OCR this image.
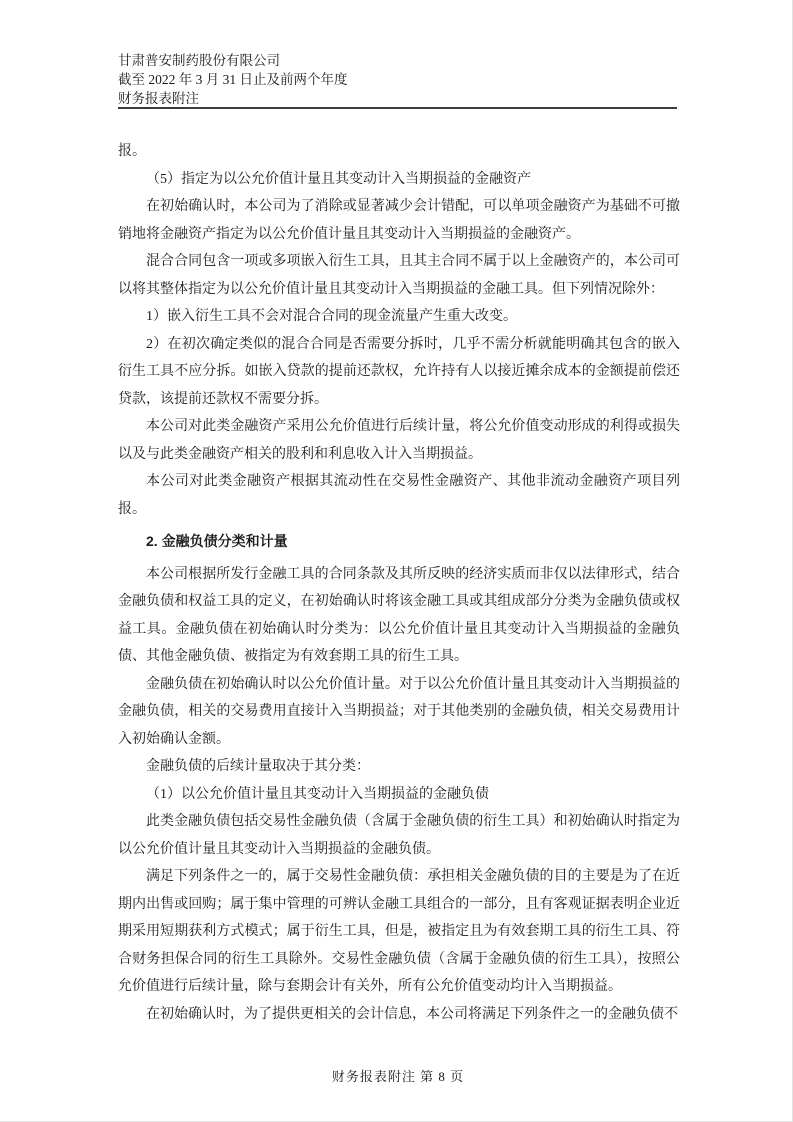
甘肃普安制药股份有限公司
截至 2022 年 3 月 31 日止及前两个年度
财务报表附注

报。

（5）指定为以公允价值计量且其变动计入当期损益的金融资产

在初始确认时，本公司为了消除或显著减少会计错配，可以单项金融资产为基础不可撤销地将金融资产指定为以公允价值计量且其变动计入当期损益的金融资产。

混合合同包含一项或多项嵌入衍生工具，且其主合同不属于以上金融资产的，本公司可以将其整体指定为以公允价值计量且其变动计入当期损益的金融工具。但下列情况除外：

1）嵌入衍生工具不会对混合合同的现金流量产生重大改变。

2）在初次确定类似的混合合同是否需要分拆时，几乎不需分析就能明确其包含的嵌入衍生工具不应分拆。如嵌入贷款的提前还款权，允许持有人以接近摊余成本的金额提前偿还贷款，该提前还款权不需要分拆。

本公司对此类金融资产采用公允价值进行后续计量，将公允价值变动形成的利得或损失以及与此类金融资产相关的股利和利息收入计入当期损益。

本公司对此类金融资产根据其流动性在交易性金融资产、其他非流动金融资产项目列报。

2. 金融负债分类和计量

本公司根据所发行金融工具的合同条款及其所反映的经济实质而非仅以法律形式，结合金融负债和权益工具的定义，在初始确认时将该金融工具或其组成部分分类为金融负债或权益工具。金融负债在初始确认时分类为：以公允价值计量且其变动计入当期损益的金融负债、其他金融负债、被指定为有效套期工具的衍生工具。

金融负债在初始确认时以公允价值计量。对于以公允价值计量且其变动计入当期损益的金融负债，相关的交易费用直接计入当期损益；对于其他类别的金融负债，相关交易费用计入初始确认金额。

金融负债的后续计量取决于其分类：

（1）以公允价值计量且其变动计入当期损益的金融负债

此类金融负债包括交易性金融负债（含属于金融负债的衍生工具）和初始确认时指定为以公允价值计量且其变动计入当期损益的金融负债。

满足下列条件之一的，属于交易性金融负债：承担相关金融负债的目的主要是为了在近期内出售或回购；属于集中管理的可辨认金融工具组合的一部分，且有客观证据表明企业近期采用短期获利方式模式；属于衍生工具，但是，被指定且为有效套期工具的衍生工具、符合财务担保合同的衍生工具除外。交易性金融负债（含属于金融负债的衍生工具），按照公允价值进行后续计量，除与套期会计有关外，所有公允价值变动均计入当期损益。

在初始确认时，为了提供更相关的会计信息，本公司将满足下列条件之一的金融负债不

财务报表附注 第 8 页
